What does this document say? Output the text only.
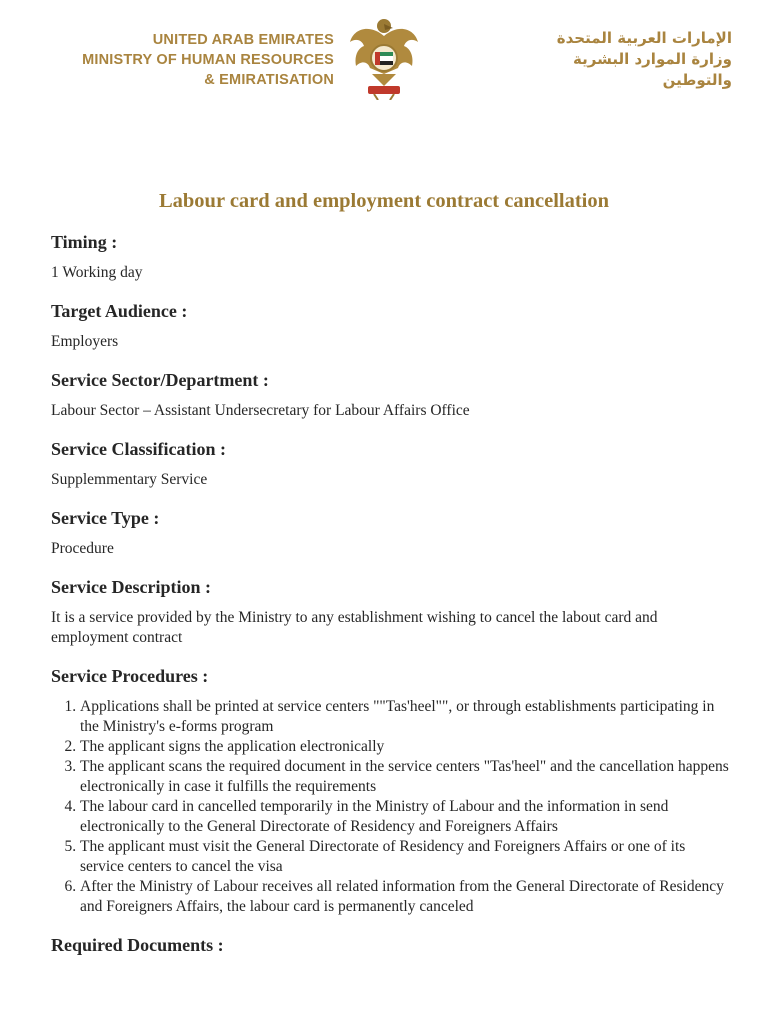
UNITED ARAB EMIRATES
MINISTRY OF HUMAN RESOURCES
& EMIRATISATION
الإمارات العربية المتحدة
وزارة الموارد البشرية
والتوطين
Labour card and employment contract cancellation

Timing :

1 Working day

Target Audience :

Employers

Service Sector/Department :

Labour Sector – Assistant Undersecretary for Labour Affairs Office

Service Classification :

Supplemmentary Service

Service Type :

Procedure

Service Description :

It is a service provided by the Ministry to any establishment wishing to cancel the labout card and employment contract

Service Procedures :

1. Applications shall be printed at service centers ""Tas'heel"", or through establishments participating in the Ministry's e-forms program
2. The applicant signs the application electronically
3. The applicant scans the required document in the service centers "Tas'heel" and the cancellation happens electronically in case it fulfills the requirements
4. The labour card in cancelled temporarily in the Ministry of Labour and the information in send electronically to the General Directorate of Residency and Foreigners Affairs
5. The applicant must visit the General Directorate of Residency and Foreigners Affairs or one of its service centers to cancel the visa
6. After the Ministry of Labour receives all related information from the General Directorate of Residency and Foreigners Affairs, the labour card is permanently canceled

Required Documents :
